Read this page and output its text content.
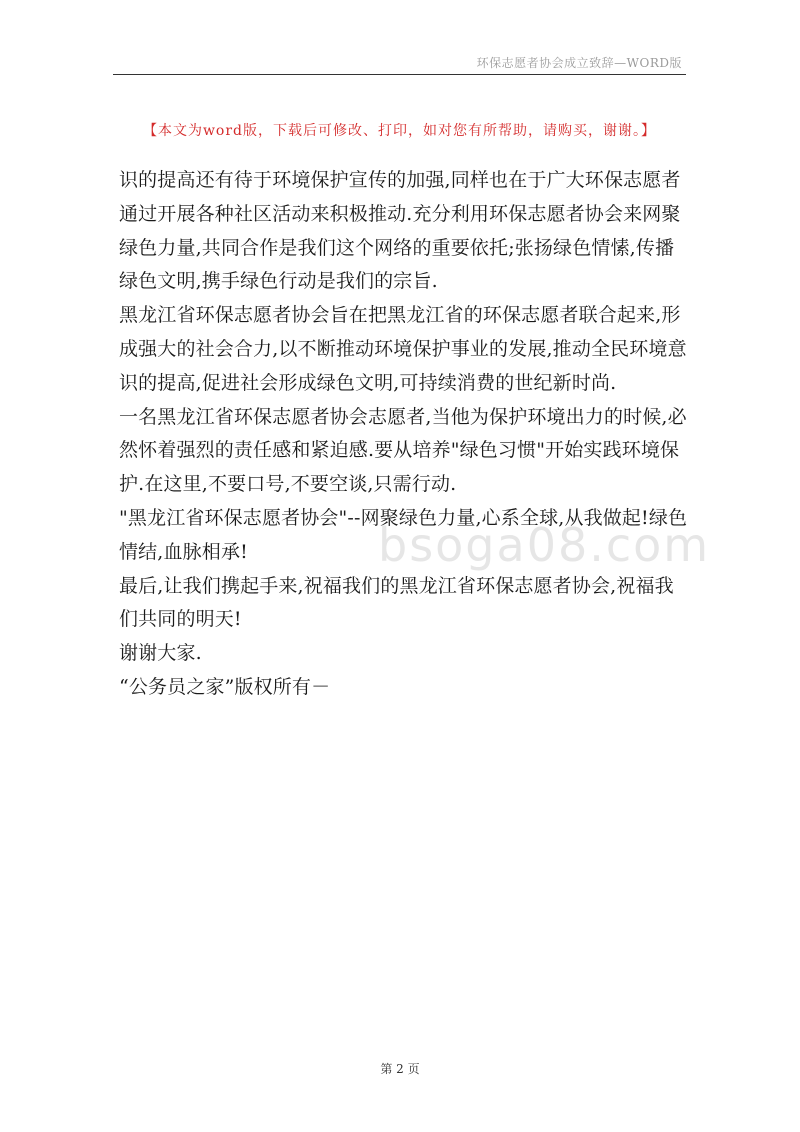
环保志愿者协会成立致辞—WORD版
【本文为word版，下载后可修改、打印，如对您有所帮助，请购买，谢谢。】
bsoga08.com

识的提高还有待于环境保护宣传的加强,同样也在于广大环保志愿者通过开展各种社区活动来积极推动.充分利用环保志愿者协会来网聚绿色力量,共同合作是我们这个网络的重要依托;张扬绿色情愫,传播绿色文明,携手绿色行动是我们的宗旨.

黑龙江省环保志愿者协会旨在把黑龙江省的环保志愿者联合起来,形成强大的社会合力,以不断推动环境保护事业的发展,推动全民环境意识的提高,促进社会形成绿色文明,可持续消费的世纪新时尚.

一名黑龙江省环保志愿者协会志愿者,当他为保护环境出力的时候,必然怀着强烈的责任感和紧迫感.要从培养"绿色习惯"开始实践环境保护.在这里,不要口号,不要空谈,只需行动.

"黑龙江省环保志愿者协会"--网聚绿色力量,心系全球,从我做起!绿色情结,血脉相承!

最后,让我们携起手来,祝福我们的黑龙江省环保志愿者协会,祝福我们共同的明天!

谢谢大家.

“公务员之家”版权所有－

第 2 页
